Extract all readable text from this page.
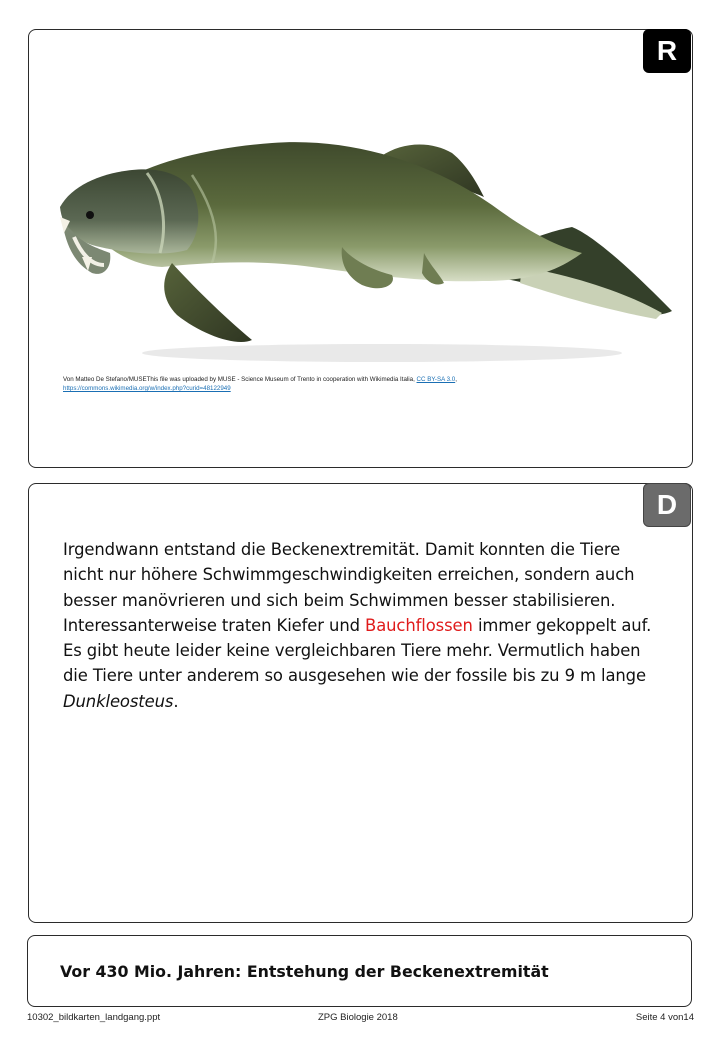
R
Von Matteo De Stefano/MUSEThis file was uploaded by MUSE - Science Museum of Trento in cooperation with Wikimedia Italia, CC BY-SA 3.0,
https://commons.wikimedia.org/w/index.php?curid=48122949
D

Irgendwann entstand die Beckenextremität. Damit konnten die Tiere nicht nur höhere Schwimmgeschwindigkeiten erreichen, sondern auch besser manövrieren und sich beim Schwimmen besser stabilisieren. Interessanterweise traten Kiefer und Bauchflossen immer gekoppelt auf.

Es gibt heute leider keine vergleichbaren Tiere mehr. Vermutlich haben die Tiere unter anderem so ausgesehen wie der fossile bis zu 9 m lange Dunkleosteus.

Vor 430 Mio. Jahren: Entstehung der Beckenextremität
10302_bildkarten_landgang.ppt	ZPG Biologie 2018	Seite 4 von14
